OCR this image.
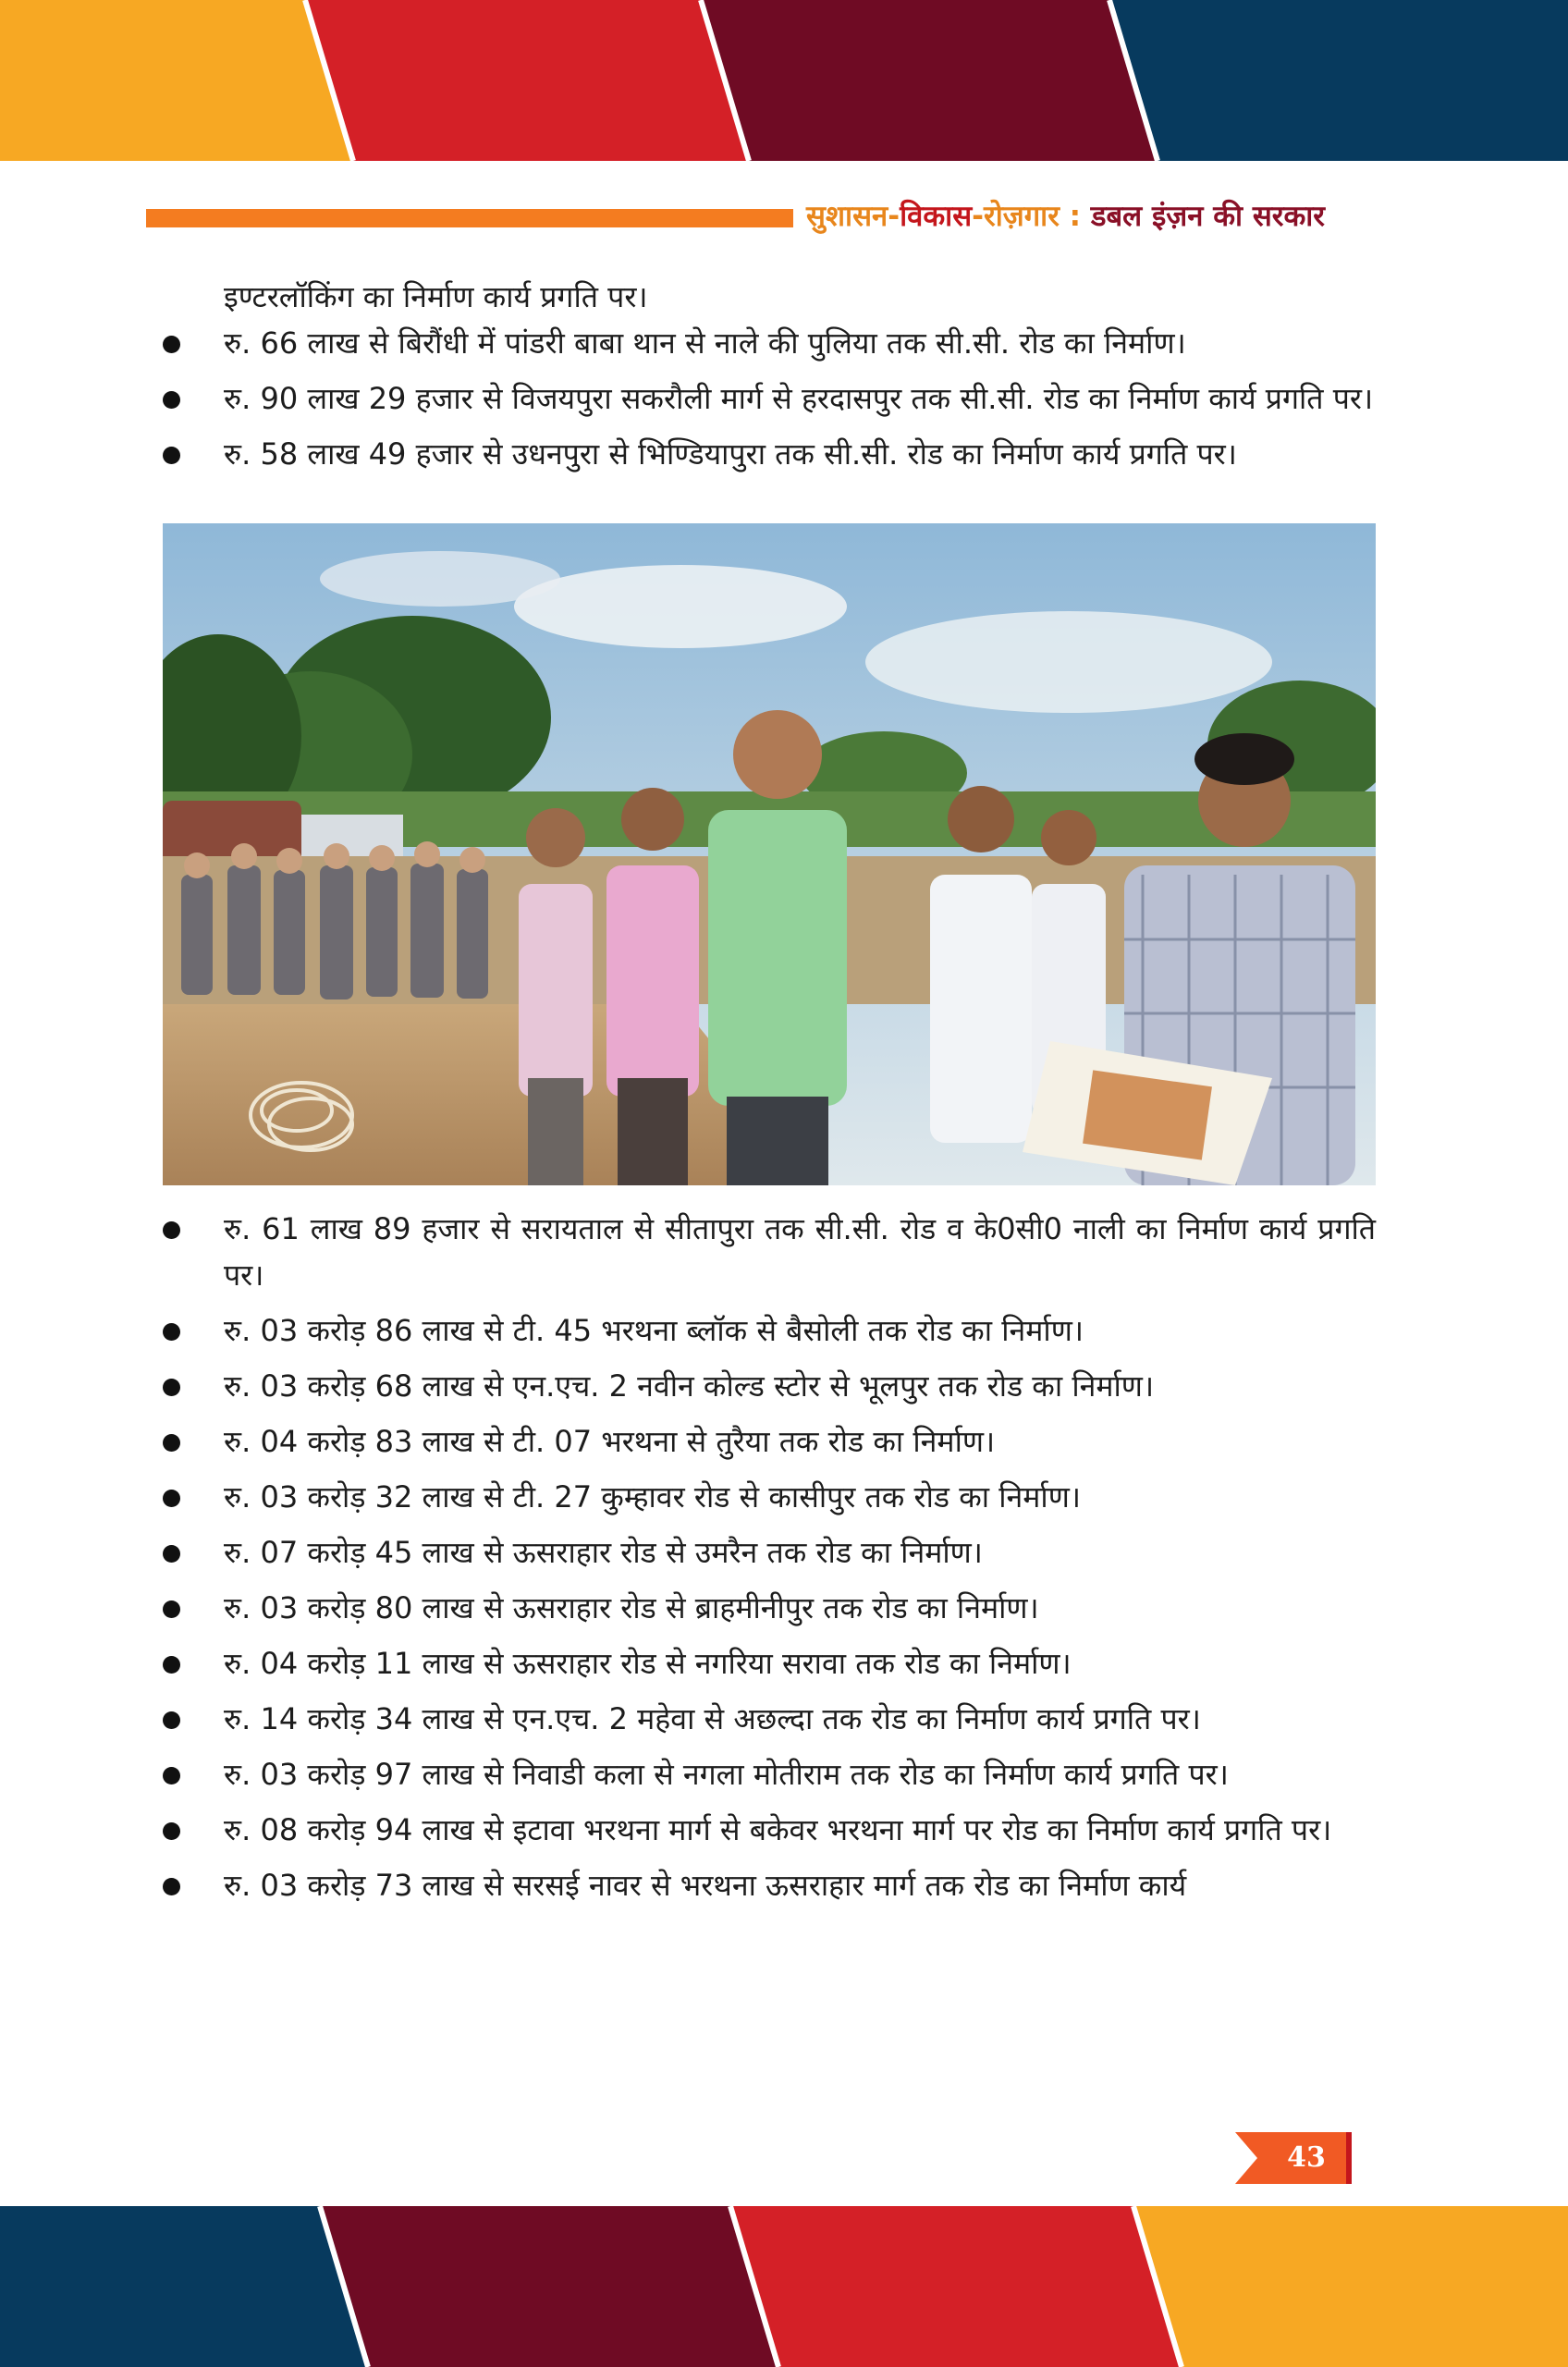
सुशासन-विकास-रोज़गार : डबल इंज़न की सरकार

इण्टरलॉकिंग का निर्माण कार्य प्रगति पर।

रु. 66 लाख से बिरौंधी में पांडरी बाबा थान से नाले की पुलिया तक सी.सी. रोड का निर्माण।
रु. 90 लाख 29 हजार से विजयपुरा सकरौली मार्ग से हरदासपुर तक सी.सी. रोड का निर्माण कार्य प्रगति पर।
रु. 58 लाख 49 हजार से उधनपुरा से भिण्डियापुरा तक सी.सी. रोड का निर्माण कार्य प्रगति पर।
रु. 61 लाख 89 हजार से सरायताल से सीतापुरा तक सी.सी. रोड व के0सी0 नाली का निर्माण कार्य प्रगति पर।
रु. 03 करोड़ 86 लाख से टी. 45 भरथना ब्लॉक से बैसोली तक रोड का निर्माण।
रु. 03 करोड़ 68 लाख से एन.एच. 2 नवीन कोल्ड स्टोर से भूलपुर तक रोड का निर्माण।
रु. 04 करोड़ 83 लाख से टी. 07 भरथना से तुरैया तक रोड का निर्माण।
रु. 03 करोड़ 32 लाख से टी. 27 कुम्हावर रोड से कासीपुर तक रोड का निर्माण।
रु. 07 करोड़ 45 लाख से ऊसराहार रोड से उमरैन तक रोड का निर्माण।
रु. 03 करोड़ 80 लाख से ऊसराहार रोड से ब्राहमीनीपुर तक रोड का निर्माण।
रु. 04 करोड़ 11 लाख से ऊसराहार रोड से नगरिया सरावा तक रोड का निर्माण।
रु. 14 करोड़ 34 लाख से एन.एच. 2 महेवा से अछल्दा तक रोड का निर्माण कार्य प्रगति पर।
रु. 03 करोड़ 97 लाख से निवाडी कला से नगला मोतीराम तक रोड का निर्माण कार्य प्रगति पर।
रु. 08 करोड़ 94 लाख से इटावा भरथना मार्ग से बकेवर भरथना मार्ग पर रोड का निर्माण कार्य प्रगति पर।
रु. 03 करोड़ 73 लाख से सरसई नावर से भरथना ऊसराहार मार्ग तक रोड का निर्माण कार्य
43
